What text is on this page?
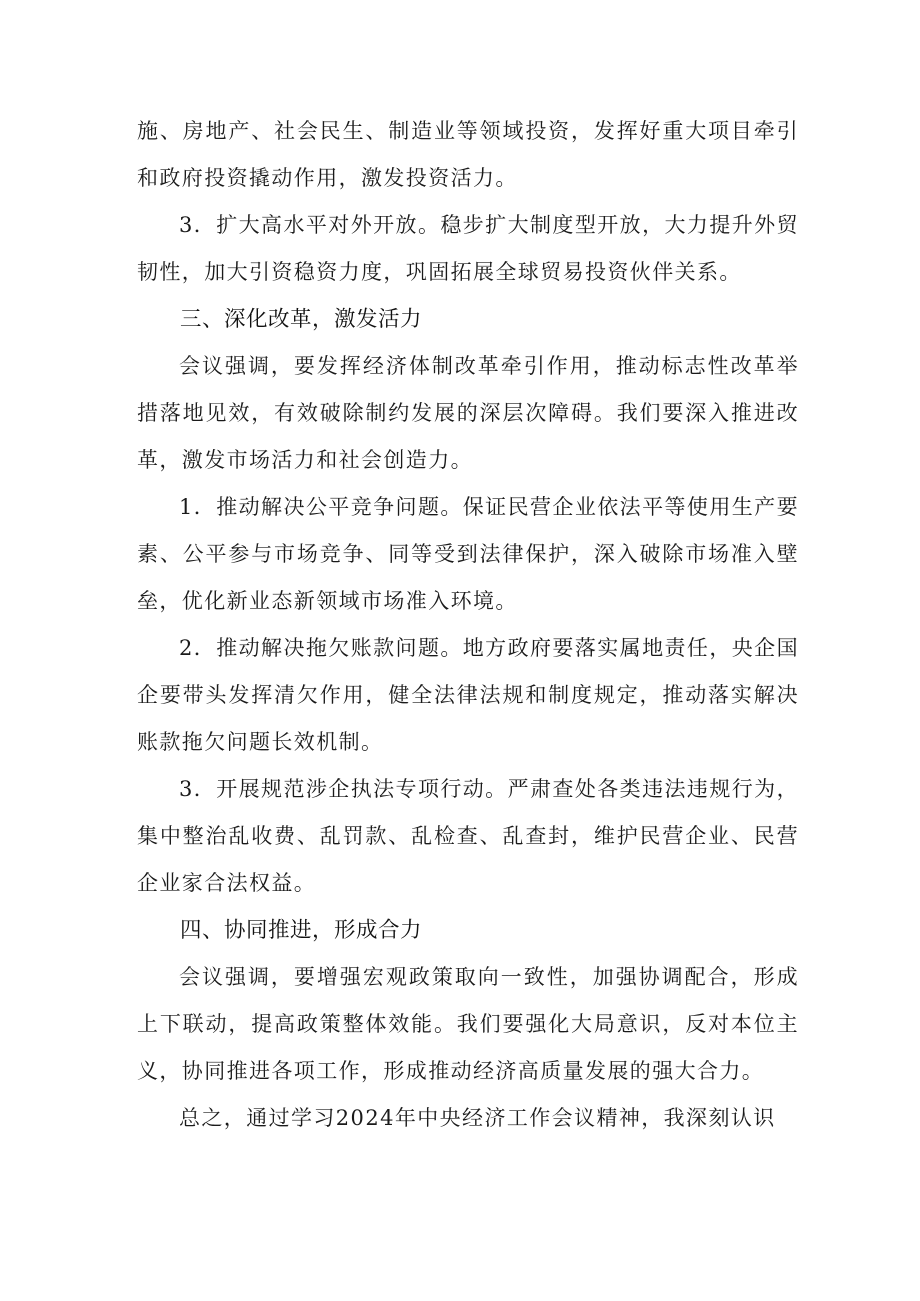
施、房地产、社会民生、制造业等领域投资，发挥好重大项目牵引和政府投资撬动作用，激发投资活力。

3．扩大高水平对外开放。稳步扩大制度型开放，大力提升外贸韧性，加大引资稳资力度，巩固拓展全球贸易投资伙伴关系。

三、深化改革，激发活力

会议强调，要发挥经济体制改革牵引作用，推动标志性改革举措落地见效，有效破除制约发展的深层次障碍。我们要深入推进改革，激发市场活力和社会创造力。

1．推动解决公平竞争问题。保证民营企业依法平等使用生产要素、公平参与市场竞争、同等受到法律保护，深入破除市场准入壁垒，优化新业态新领域市场准入环境。

2．推动解决拖欠账款问题。地方政府要落实属地责任，央企国企要带头发挥清欠作用，健全法律法规和制度规定，推动落实解决账款拖欠问题长效机制。

3．开展规范涉企执法专项行动。严肃查处各类违法违规行为，集中整治乱收费、乱罚款、乱检查、乱查封，维护民营企业、民营企业家合法权益。

四、协同推进，形成合力

会议强调，要增强宏观政策取向一致性，加强协调配合，形成上下联动，提高政策整体效能。我们要强化大局意识，反对本位主义，协同推进各项工作，形成推动经济高质量发展的强大合力。

总之，通过学习2024年中央经济工作会议精神，我深刻认识
